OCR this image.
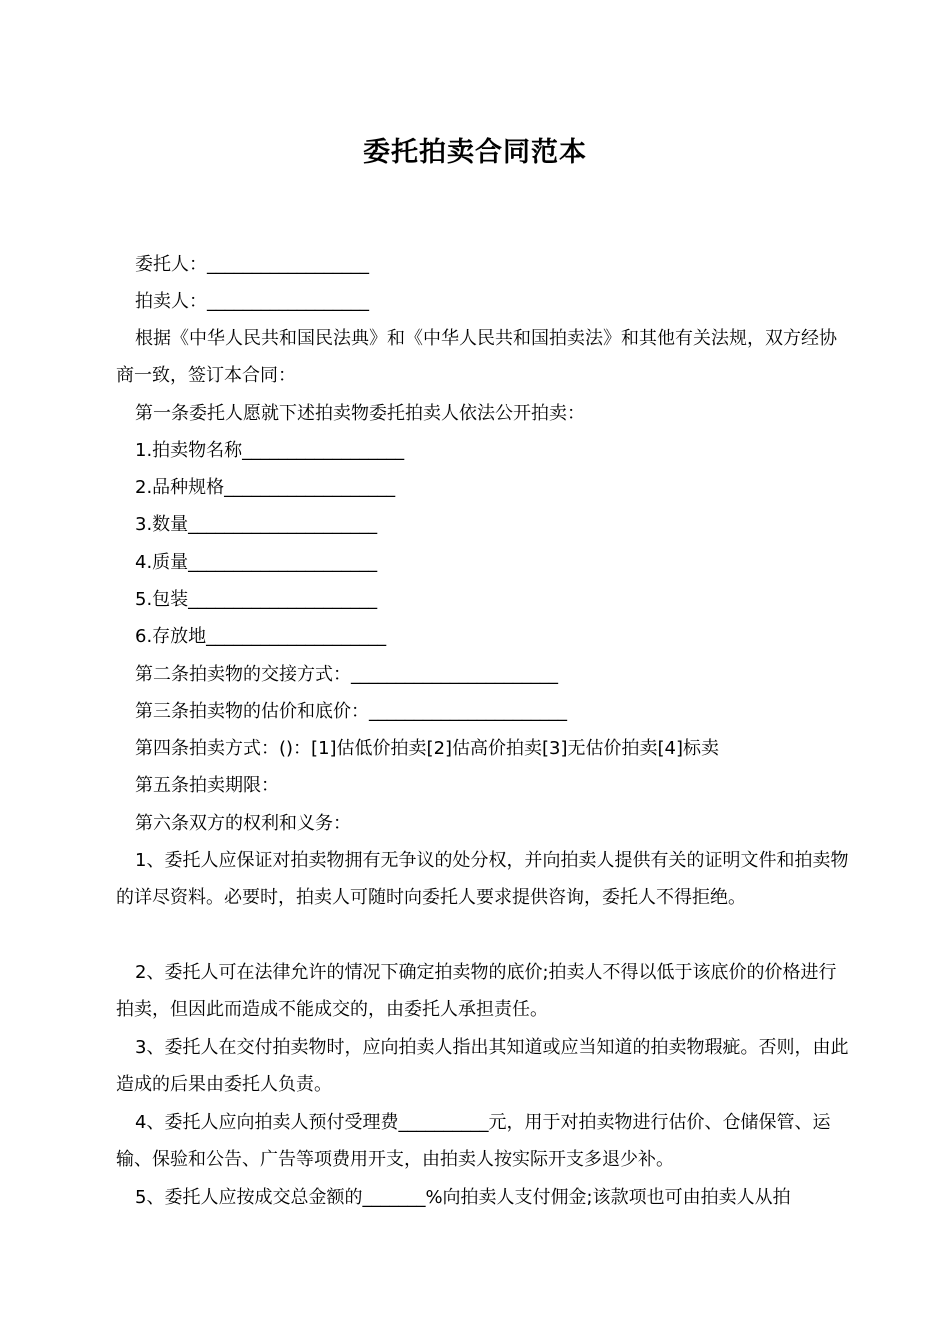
委托拍卖合同范本
委托人：__________________
拍卖人：__________________
根据《中华人民共和国民法典》和《中华人民共和国拍卖法》和其他有关法规，双方经协商一致，签订本合同：
第一条委托人愿就下述拍卖物委托拍卖人依法公开拍卖：
1.拍卖物名称__________________
2.品种规格___________________
3.数量_____________________
4.质量_____________________
5.包装_____________________
6.存放地____________________
第二条拍卖物的交接方式：_______________________
第三条拍卖物的估价和底价：______________________
第四条拍卖方式：()：[1]估低价拍卖[2]估高价拍卖[3]无估价拍卖[4]标卖
第五条拍卖期限：
第六条双方的权利和义务：
1、委托人应保证对拍卖物拥有无争议的处分权，并向拍卖人提供有关的证明文件和拍卖物的详尽资料。必要时，拍卖人可随时向委托人要求提供咨询，委托人不得拒绝。
2、委托人可在法律允许的情况下确定拍卖物的底价;拍卖人不得以低于该底价的价格进行拍卖，但因此而造成不能成交的，由委托人承担责任。
3、委托人在交付拍卖物时，应向拍卖人指出其知道或应当知道的拍卖物瑕疵。否则，由此造成的后果由委托人负责。
4、委托人应向拍卖人预付受理费__________元，用于对拍卖物进行估价、仓储保管、运输、保验和公告、广告等项费用开支，由拍卖人按实际开支多退少补。
5、委托人应按成交总金额的_______%向拍卖人支付佣金;该款项也可由拍卖人从拍
